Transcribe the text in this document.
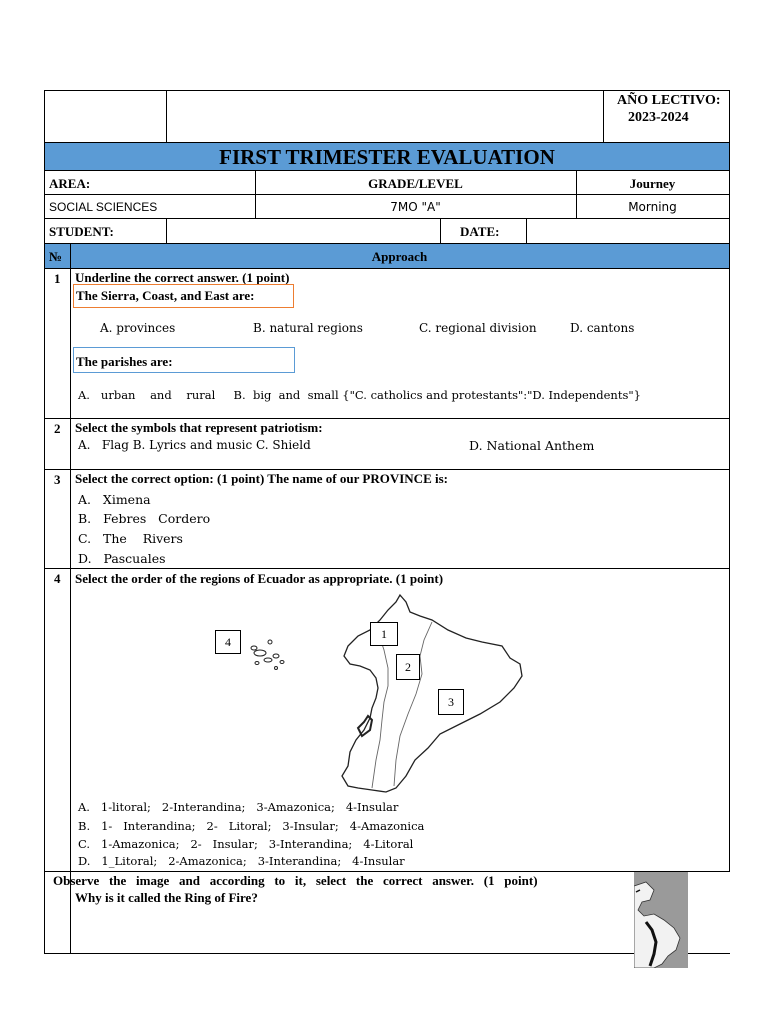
AÑO LECTIVO:
2023-2024
FIRST TRIMESTER EVALUATION
AREA:	GRADE/LEVEL	Journey
SOCIAL SCIENCES	7MO "A"	Morning
STUDENT:	DATE:
№	Approach
1 Underline the correct answer. (1 point)
The Sierra, Coast, and East are:
A. provinces	B. natural regions	C. regional division	D. cantons
The parishes are:
A.   urban    and    rural     B.  big  and  small {"C. catholics and protestants":"D. Independents"}
2 Select the symbols that represent patriotism:
A.   Flag B. Lyrics and music C. Shield	D. National Anthem
3 Select the correct option: (1 point) The name of our PROVINCE is:
A.   Ximena
B.   Febres   Cordero
C.   The    Rivers
D.   Pascuales
4 Select the order of the regions of Ecuador as appropriate. (1 point)
1
2
3
4
A.   1-litoral;   2-Interandina;   3-Amazonica;   4-Insular
B.   1-   Interandina;   2-   Litoral;   3-Insular;   4-Amazonica
C.   1-Amazonica;   2-   Insular;   3-Interandina;   4-Litoral
D.   1_Litoral;   2-Amazonica;   3-Interandina;   4-Insular
Observe   the   image   and   according   to   it,   select   the   correct   answer.   (1   point)
Why is it called the Ring of Fire?
